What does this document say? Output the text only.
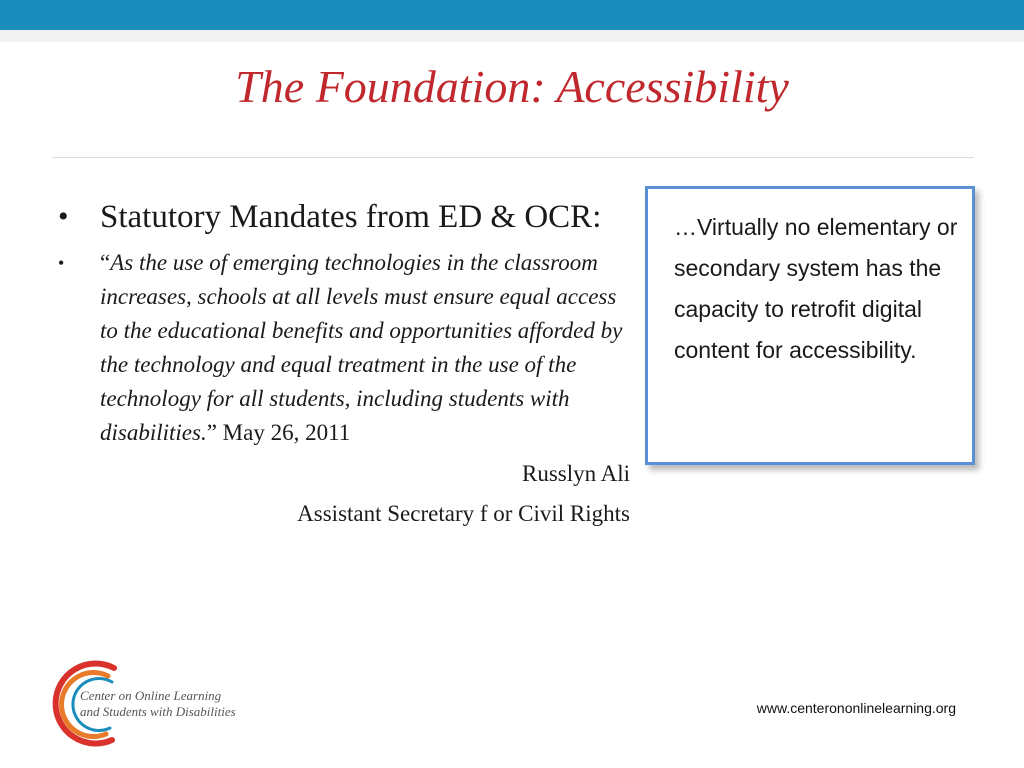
The Foundation: Accessibility
• Statutory Mandates from ED & OCR:
• “As the use of emerging technologies in the classroom increases, schools at all levels must ensure equal access to the educational benefits and opportunities afforded by the technology and equal treatment in the use of the technology for all students, including students with disabilities.” May 26, 2011
Russlyn Ali
Assistant Secretary f or Civil Rights
…Virtually no elementary or secondary system has the capacity to retrofit digital content for accessibility.
Center on Online Learning
and Students with Disabilities	www.centerononlinelearning.org
